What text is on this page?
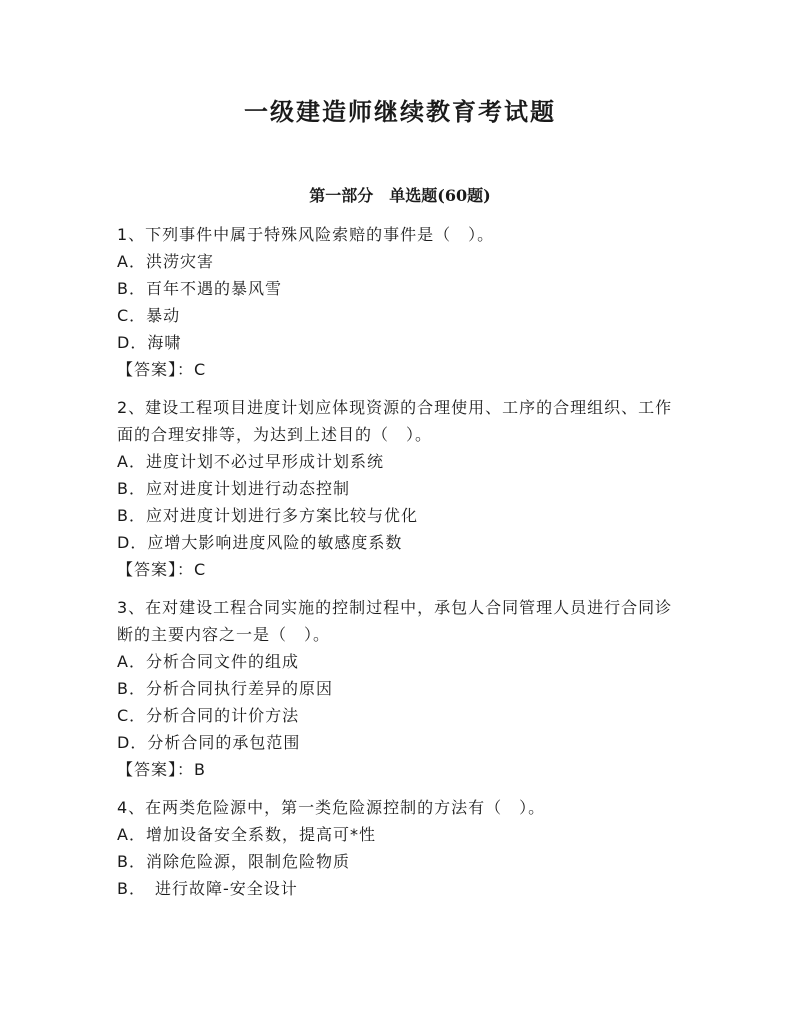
一级建造师继续教育考试题
第一部分　单选题(60题)
1、下列事件中属于特殊风险索赔的事件是（　）。
A．洪涝灾害
B．百年不遇的暴风雪
C．暴动
D．海啸
【答案】：C
2、建设工程项目进度计划应体现资源的合理使用、工序的合理组织、工作面的合理安排等，为达到上述目的（　）。
A．进度计划不必过早形成计划系统
B．应对进度计划进行动态控制
B．应对进度计划进行多方案比较与优化
D．应增大影响进度风险的敏感度系数
【答案】：C
3、在对建设工程合同实施的控制过程中，承包人合同管理人员进行合同诊断的主要内容之一是（　）。
A．分析合同文件的组成
B．分析合同执行差异的原因
C．分析合同的计价方法
D．分析合同的承包范围
【答案】：B
4、在两类危险源中，第一类危险源控制的方法有（　）。
A．增加设备安全系数，提高可*性
B．消除危险源，限制危险物质
B．　进行故障-安全设计
